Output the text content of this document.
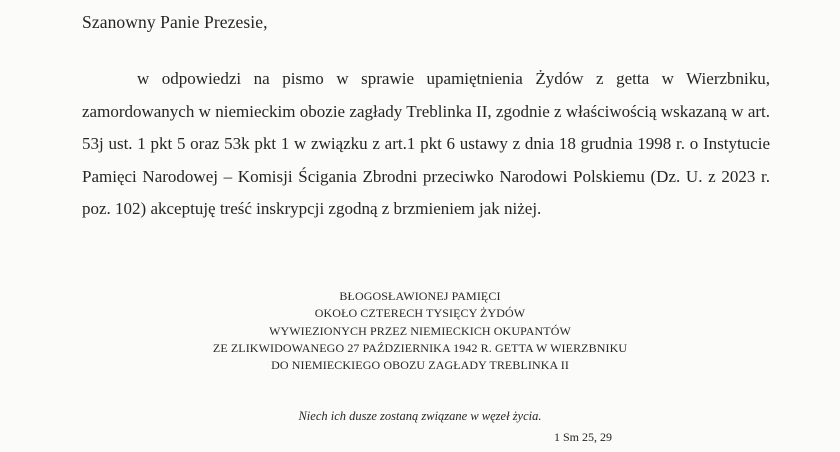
Szanowny Panie Prezesie,

w odpowiedzi na pismo w sprawie upamiętnienia Żydów z getta w Wierzbniku, zamordowanych w niemieckim obozie zagłady Treblinka II, zgodnie z właściwością wskazaną w art. 53j ust. 1 pkt 5 oraz 53k pkt 1 w związku z art.1 pkt 6 ustawy z dnia 18 grudnia 1998 r. o Instytucie Pamięci Narodowej – Komisji Ścigania Zbrodni przeciwko Narodowi Polskiemu (Dz. U. z 2023 r. poz. 102) akceptuję treść inskrypcji zgodną z brzmieniem jak niżej.

BŁOGOSŁAWIONEJ PAMIĘCI
OKOŁO CZTERECH TYSIĘCY ŻYDÓW
WYWIEZIONYCH PRZEZ NIEMIECKICH OKUPANTÓW
ZE ZLIKWIDOWANEGO 27 PAŹDZIERNIKA 1942 R. GETTA W WIERZBNIKU
DO NIEMIECKIEGO OBOZU ZAGŁADY TREBLINKA II
Niech ich dusze zostaną związane w węzeł życia.
1 Sm 25, 29
